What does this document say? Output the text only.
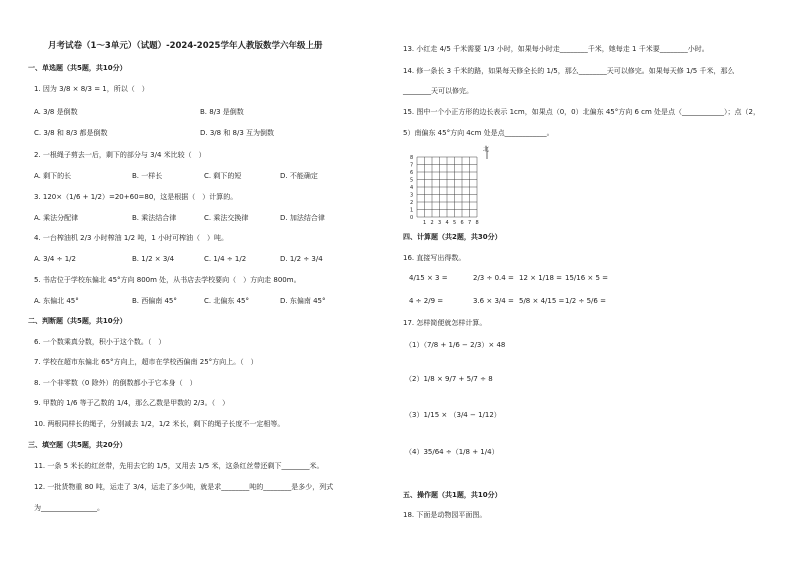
月考试卷（1～3单元）（试题）-2024-2025学年人教版数学六年级上册
一、单选题（共5题，共10分）
1. 因为 3/8 × 8/3 = 1，所以（　）
A. 3/8 是倒数	B. 8/3 是倒数
C. 3/8 和 8/3 都是倒数	D. 3/8 和 8/3 互为倒数
2. 一根绳子剪去一后，剩下的部分与 3/4 米比较（　）
A. 剩下的长	B. 一样长	C. 剩下的短	D. 不能确定
3. 120×（1/6 + 1/2）=20+60=80，这是根据（　）计算的。
A. 乘法分配律	B. 乘法结合律	C. 乘法交换律	D. 加法结合律
4. 一台榨油机 2/3 小时榨油 1/2 吨，1 小时可榨油（　）吨。
A. 3/4 ÷ 1/2	B. 1/2 × 3/4	C. 1/4 ÷ 1/2	D. 1/2 ÷ 3/4
5. 书店位于学校东偏北 45°方向 800m 处，从书店去学校要向（　）方向走 800m。
A. 东偏北 45°	B. 西偏南 45°	C. 北偏东 45°	D. 东偏南 45°
二、判断题（共5题，共10分）
6. 一个数乘真分数，积小于这个数。（　）
7. 学校在超市东偏北 65°方向上，超市在学校西偏南 25°方向上。（　）
8. 一个非零数（0 除外）的倒数都小于它本身（　）
9. 甲数的 1/6 等于乙数的 1/4，那么乙数是甲数的 2/3。（　）
10. 两根同样长的绳子，分别减去 1/2，1/2 米长，剩下的绳子长度不一定相等。
三、填空题（共5题，共20分）
11. 一条 5 米长的红丝带，先用去它的 1/5，又用去 1/5 米，这条红丝带还剩下________米。
12. 一批货物重 80 吨，运走了 3/4，运走了多少吨，就是求________吨的________是多少，列式
为________________。
13. 小红走 4/5 千米需要 1/3 小时，如果每小时走________千米，她每走 1 千米要________小时。
14. 修一条长 3 千米的路，如果每天修全长的 1/5，那么________天可以修完。如果每天修 1/5 千米，那么
________天可以修完。
15. 图中一个小正方形的边长表示 1cm，如果点（0，0）北偏东 45°方向 6 cm 处是点（____________）；点（2，
5）南偏东 45°方向 4cm 处是点____________。
北
8
7
6
5
4
3
2
1
0
1 2 3 4 5 6 7 8
四、计算题（共2题，共30分）
16. 直接写出得数。
4/15 × 3 =	2/3 ÷ 0.4 = 12 × 1/18 = 15/16 × 5 =
4 ÷ 2/9 =	3.6 × 3/4 = 5/8 × 4/15 = 1/2 ÷ 5/6 =
17. 怎样简便就怎样计算。
（1）（7/8 + 1/6 − 2/3）× 48
（2）1/8 × 9/7 + 5/7 ÷ 8
（3）1/15 × （3/4 − 1/12）
（4）35/64 ÷（1/8 + 1/4）
五、操作题（共1题，共10分）
18. 下面是动物园平面图。
